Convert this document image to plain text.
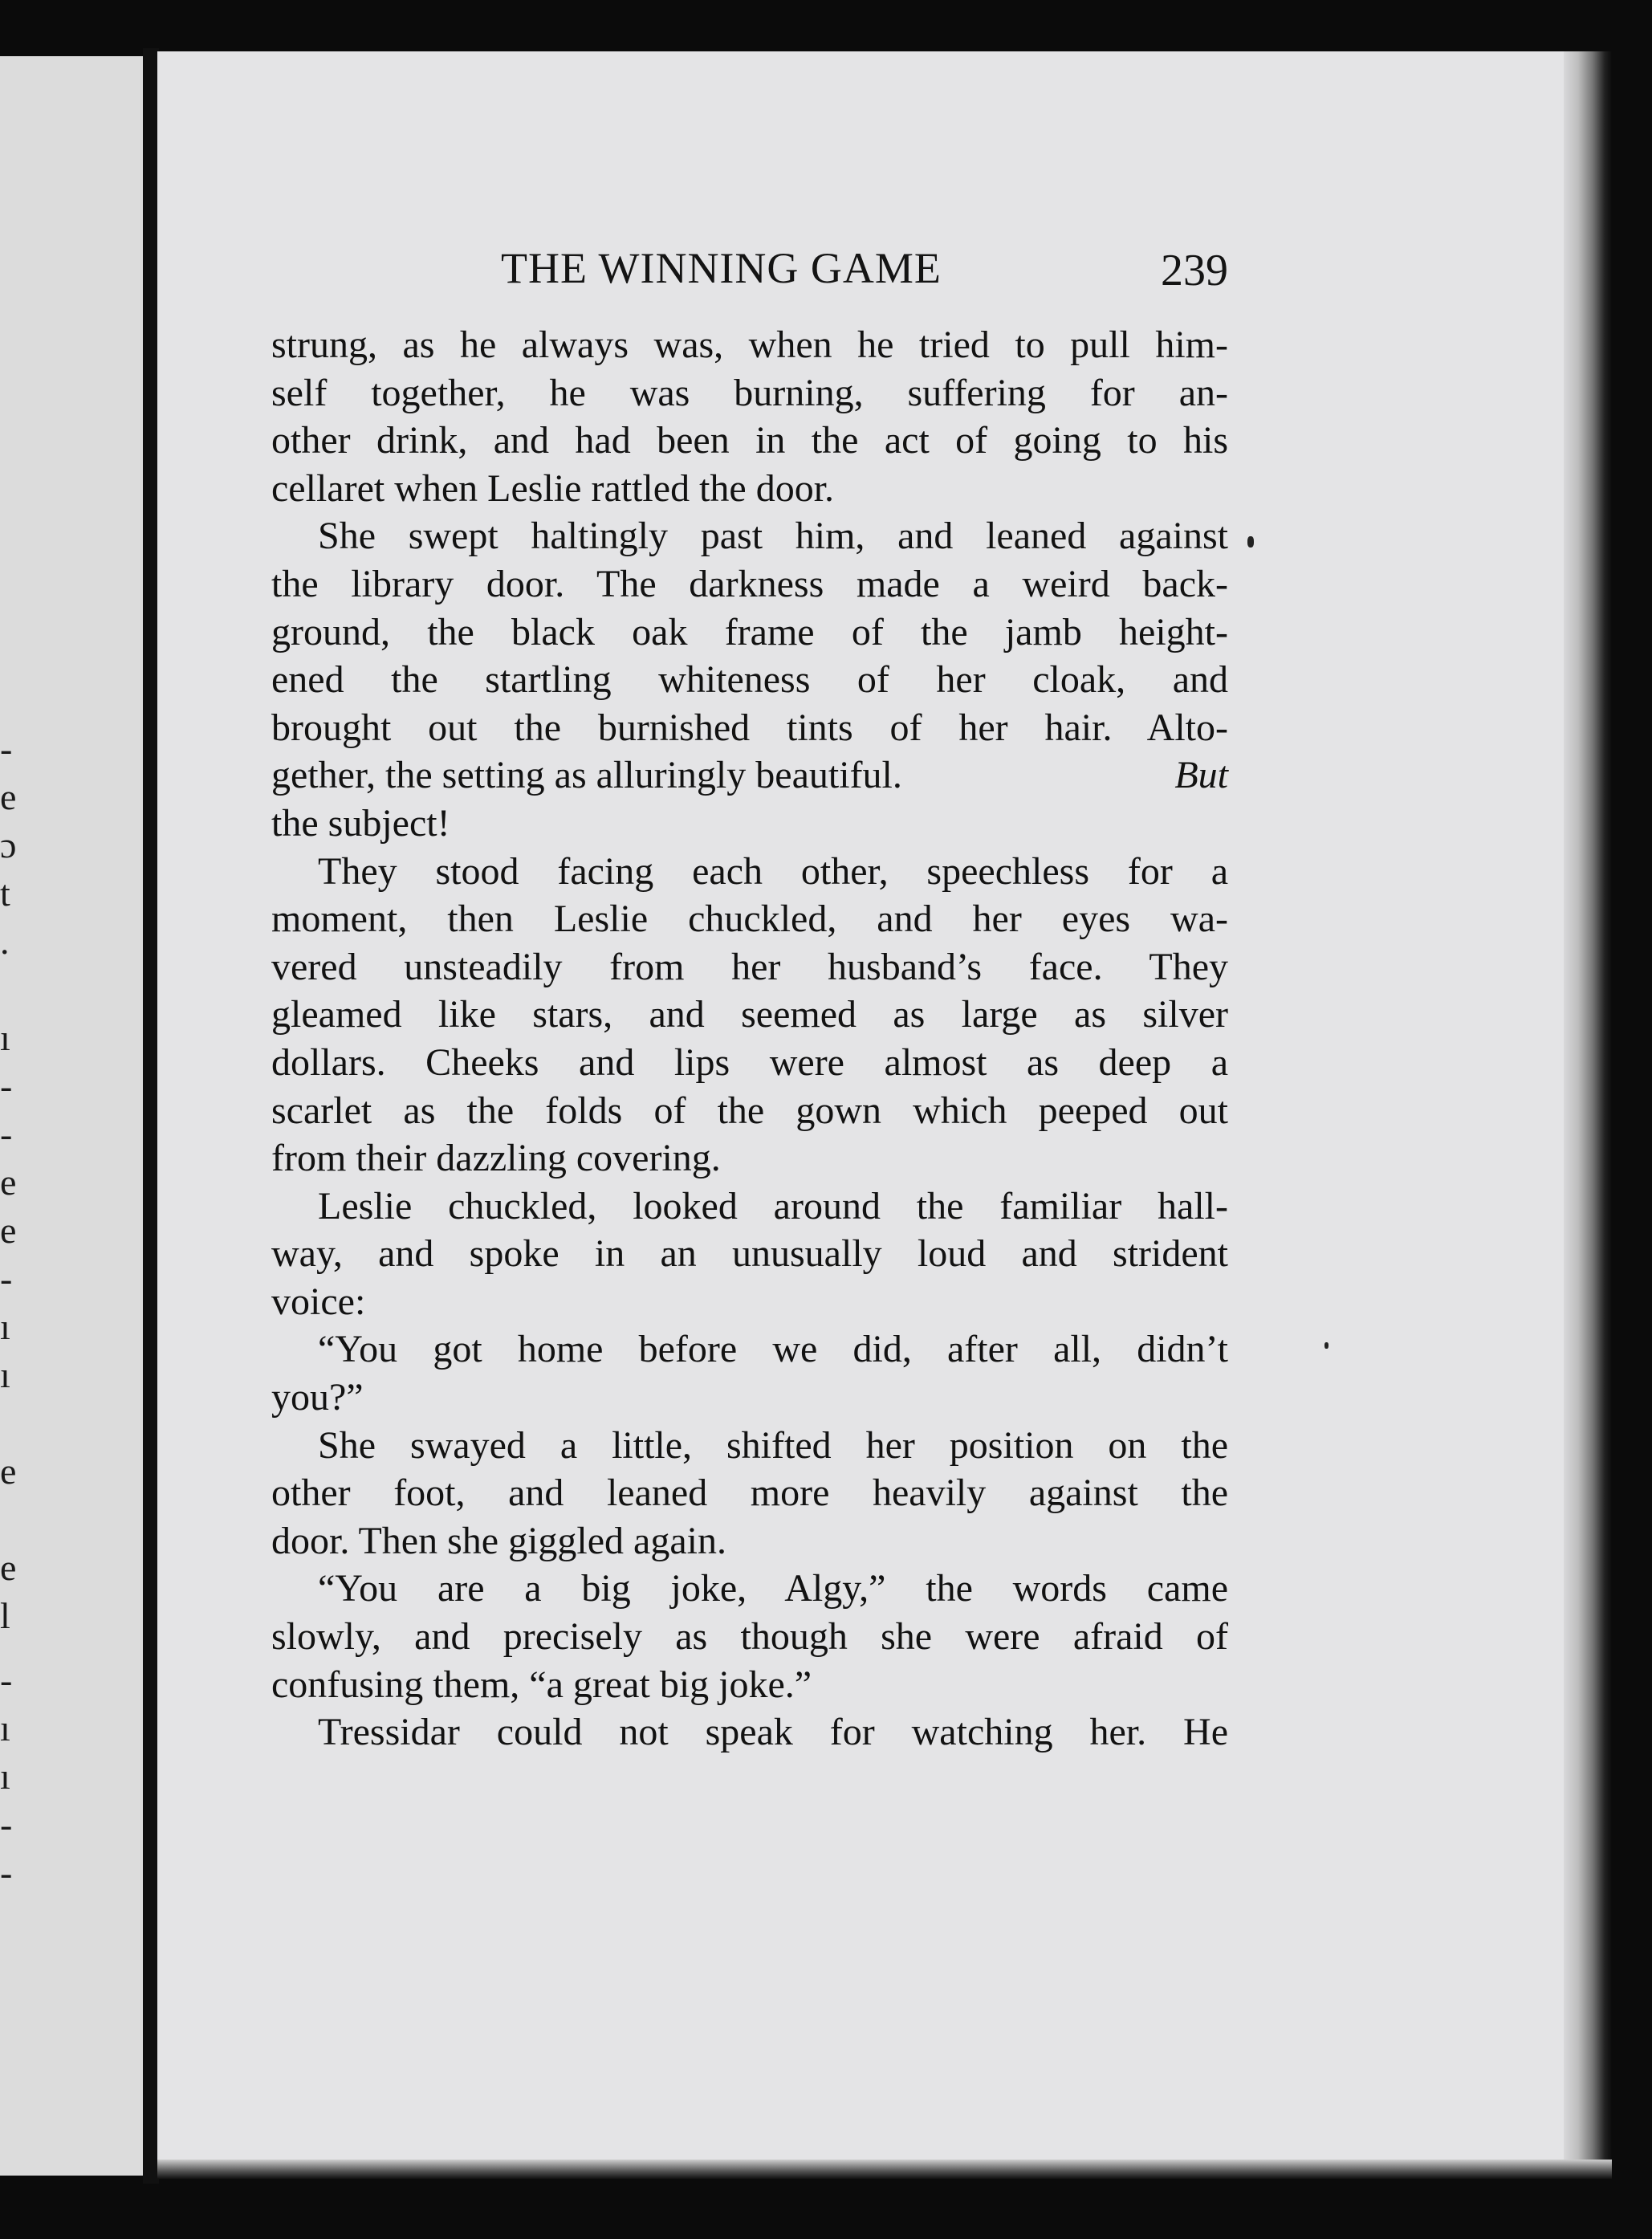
-
e
ɔ
t
.
ı
-
-
e
e
-
ı
ı
e
e
l
-
ı
ı
-
-
THE WINNING GAME	239
strung, as he always was, when he tried to pull him-
self together, he was burning, suffering for an-
other drink, and had been in the act of going to his
cellaret when Leslie rattled the door.
She swept haltingly past him, and leaned against
the library door. The darkness made a weird back-
ground, the black oak frame of the jamb height-
ened the startling whiteness of her cloak, and
brought out the burnished tints of her hair. Alto-
gether, the setting as alluringly beautiful.	But
the subject!
They stood facing each other, speechless for a
moment, then Leslie chuckled, and her eyes wa-
vered unsteadily from her husband’s face. They
gleamed like stars, and seemed as large as silver
dollars. Cheeks and lips were almost as deep a
scarlet as the folds of the gown which peeped out
from their dazzling covering.
Leslie chuckled, looked around the familiar hall-
way, and spoke in an unusually loud and strident
voice:
“You got home before we did, after all, didn’t
you?”
She swayed a little, shifted her position on the
other foot, and leaned more heavily against the
door. Then she giggled again.
“You are a big joke, Algy,” the words came
slowly, and precisely as though she were afraid of
confusing them, “a great big joke.”
Tressidar could not speak for watching her. He
